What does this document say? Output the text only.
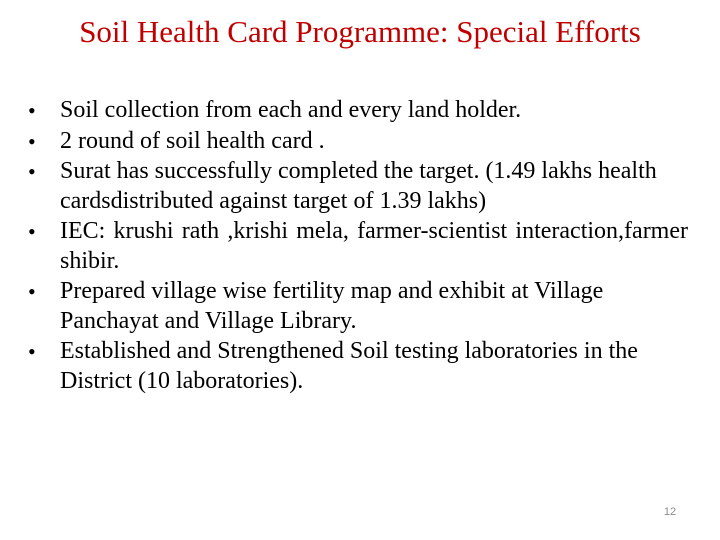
Soil Health Card Programme: Special Efforts
•	Soil collection from each and every land holder.
•	2 round of soil health card .
•	Surat has successfully completed the target. (1.49 lakhs health cardsdistributed against target of 1.39 lakhs)
•	IEC: krushi rath ,krishi mela, farmer-scientist interaction,farmer shibir.
•	Prepared village wise fertility map and exhibit at Village Panchayat and Village Library.
•	Established and Strengthened Soil testing laboratories in the District (10 laboratories).
12
